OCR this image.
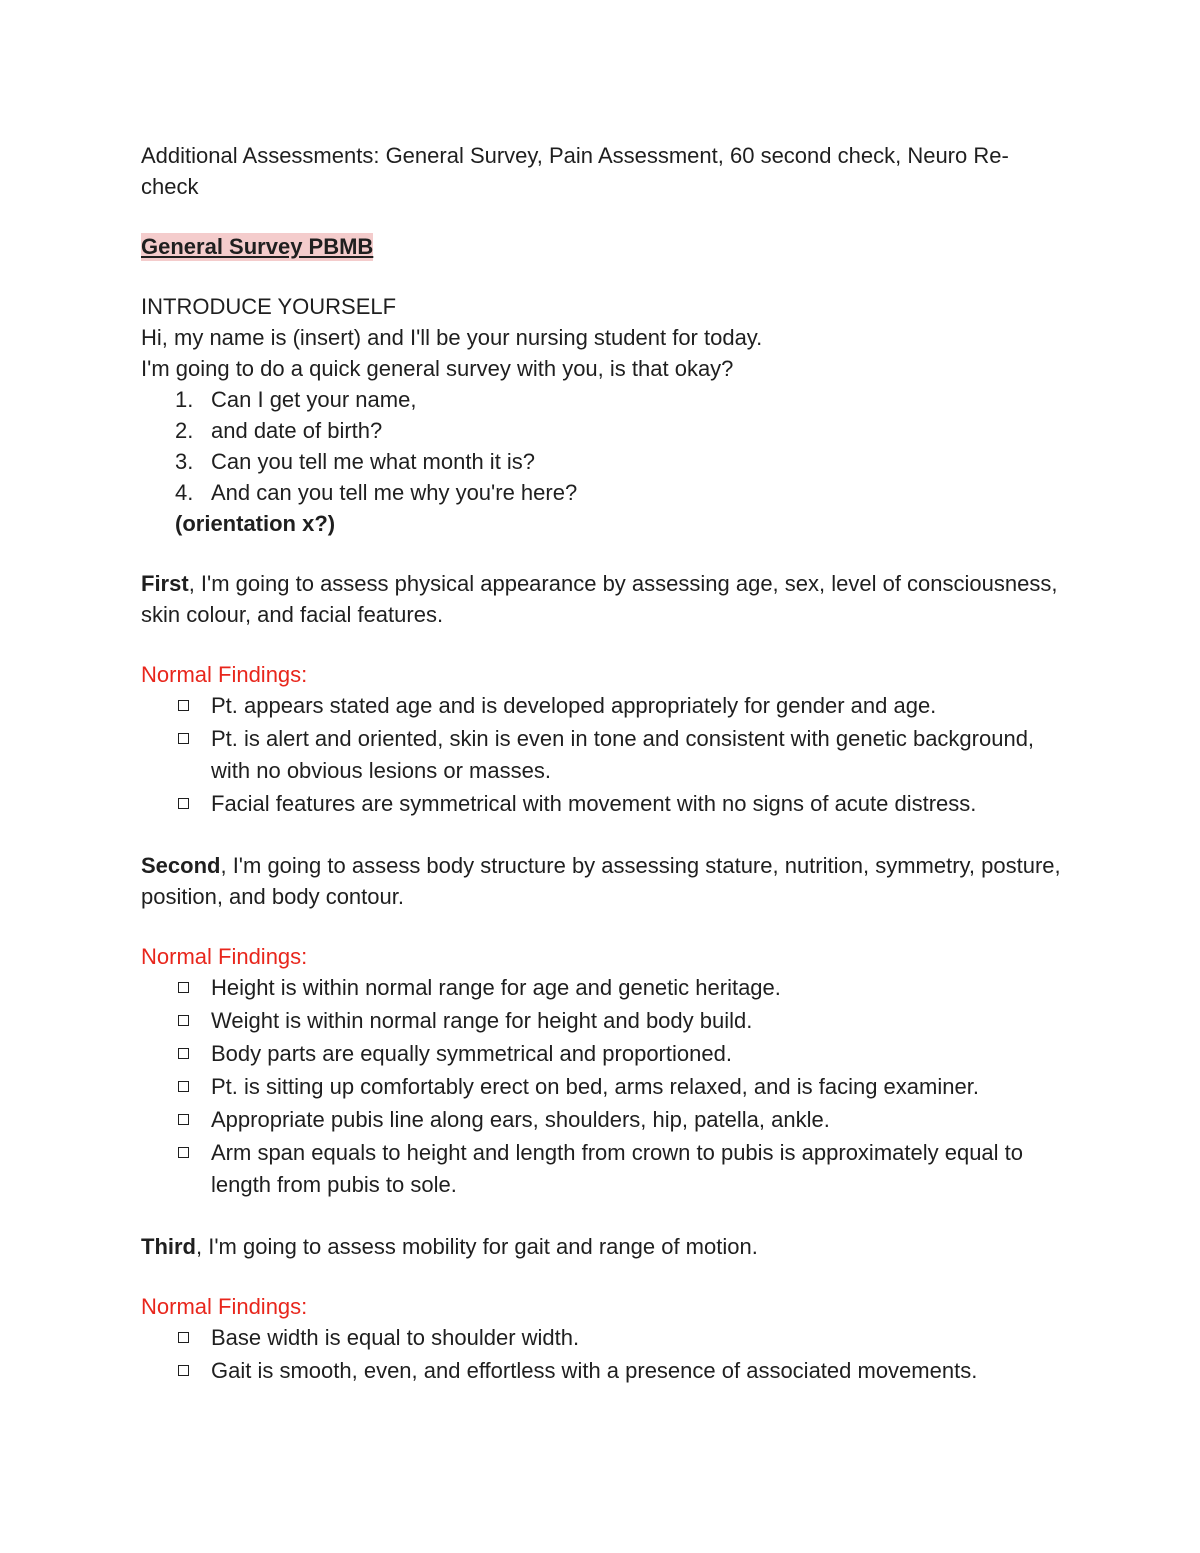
Additional Assessments: General Survey, Pain Assessment, 60 second check, Neuro Re-check

General Survey PBMB

INTRODUCE YOURSELF

Hi, my name is (insert) and I'll be your nursing student for today.

I'm going to do a quick general survey with you, is that okay?

1. Can I get your name,
2. and date of birth?
3. Can you tell me what month it is?
4. And can you tell me why you're here?

(orientation x?)

First, I'm going to assess physical appearance by assessing age, sex, level of consciousness, skin colour, and facial features.

Normal Findings:

Pt. appears stated age and is developed appropriately for gender and age.
Pt. is alert and oriented, skin is even in tone and consistent with genetic background, with no obvious lesions or masses.
Facial features are symmetrical with movement with no signs of acute distress.

Second, I'm going to assess body structure by assessing stature, nutrition, symmetry, posture, position, and body contour.

Normal Findings:

Height is within normal range for age and genetic heritage.
Weight is within normal range for height and body build.
Body parts are equally symmetrical and proportioned.
Pt. is sitting up comfortably erect on bed, arms relaxed, and is facing examiner.
Appropriate pubis line along ears, shoulders, hip, patella, ankle.
Arm span equals to height and length from crown to pubis is approximately equal to length from pubis to sole.

Third, I'm going to assess mobility for gait and range of motion.

Normal Findings:

Base width is equal to shoulder width.
Gait is smooth, even, and effortless with a presence of associated movements.
